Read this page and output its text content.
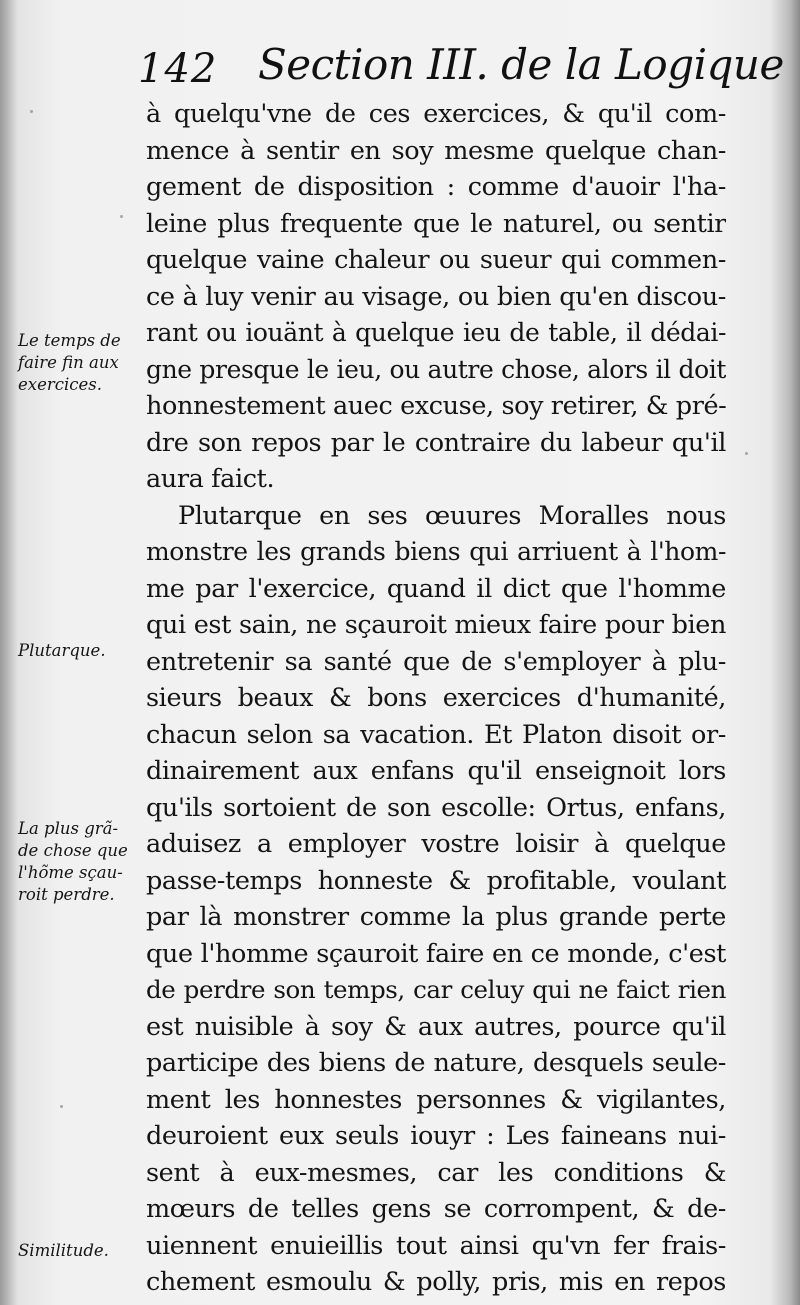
142 Section III. de la Logique
à quelqu'vne de ces exercices, & qu'il com-
mence à sentir en soy mesme quelque chan-
gement de disposition : comme d'auoir l'ha-
leine plus frequente que le naturel, ou sentir
quelque vaine chaleur ou sueur qui commen-
ce à luy venir au visage, ou bien qu'en discou-
rant ou iouänt à quelque ieu de table, il dédai-
gne presque le ieu, ou autre chose, alors il doit
honnestement auec excuse, soy retirer, & pré-
dre son repos par le contraire du labeur qu'il
aura faict.
Plutarque en ses œuures Moralles nous
monstre les grands biens qui arriuent à l'hom-
me par l'exercice, quand il dict que l'homme
qui est sain, ne sçauroit mieux faire pour bien
entretenir sa santé que de s'employer à plu-
sieurs beaux & bons exercices d'humanité,
chacun selon sa vacation. Et Platon disoit or-
dinairement aux enfans qu'il enseignoit lors
qu'ils sortoient de son escolle: Ortus, enfans,
aduisez a employer vostre loisir à quelque
passe-temps honneste & profitable, voulant
par là monstrer comme la plus grande perte
que l'homme sçauroit faire en ce monde, c'est
de perdre son temps, car celuy qui ne faict rien
est nuisible à soy & aux autres, pource qu'il
participe des biens de nature, desquels seule-
ment les honnestes personnes & vigilantes,
deuroient eux seuls iouyr : Les faineans nui-
sent à eux-mesmes, car les conditions &
mœurs de telles gens se corrompent, & de-
uiennent enuieillis tout ainsi qu'vn fer frais-
chement esmoulu & polly, pris, mis en repos
Le temps de
faire fin aux
exercices.
Plutarque.
La plus grã-
de chose que
l'hõme sçau-
roit perdre.
Similitude.
